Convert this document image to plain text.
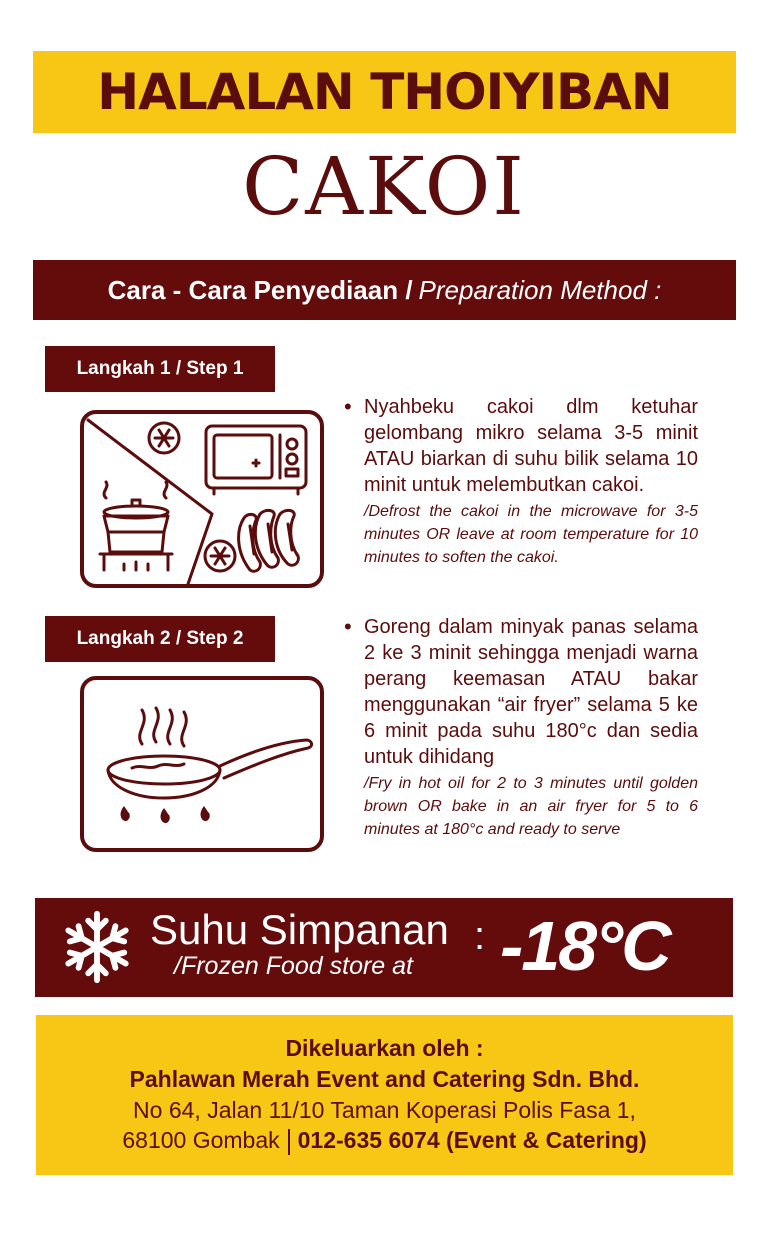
HALALAN THOIYIBAN
CAKOI
Cara - Cara Penyediaan / Preparation Method :
Langkah 1 / Step 1
• Nyahbeku cakoi dlm ketuhar gelombang mikro selama 3-5 minit ATAU biarkan di suhu bilik selama 10 minit untuk melembutkan cakoi.
/Defrost the cakoi in the microwave for 3-5 minutes OR leave at room temperature for 10 minutes to soften the cakoi.
Langkah 2 / Step 2	• Goreng dalam minyak panas selama 2 ke 3 minit sehingga menjadi warna perang keemasan ATAU bakar menggunakan “air fryer” selama 5 ke 6 minit pada suhu 180°c dan sedia untuk dihidang
/Fry in hot oil for 2 to 3 minutes until golden brown OR bake in an air fryer for 5 to 6 minutes at 180°c and ready to serve
Suhu Simpanan
/Frozen Food store at
: -18°C
Dikeluarkan oleh :
Pahlawan Merah Event and Catering Sdn. Bhd.
No 64, Jalan 11/10 Taman Koperasi Polis Fasa 1,
68100 Gombak 012-635 6074 (Event & Catering)
